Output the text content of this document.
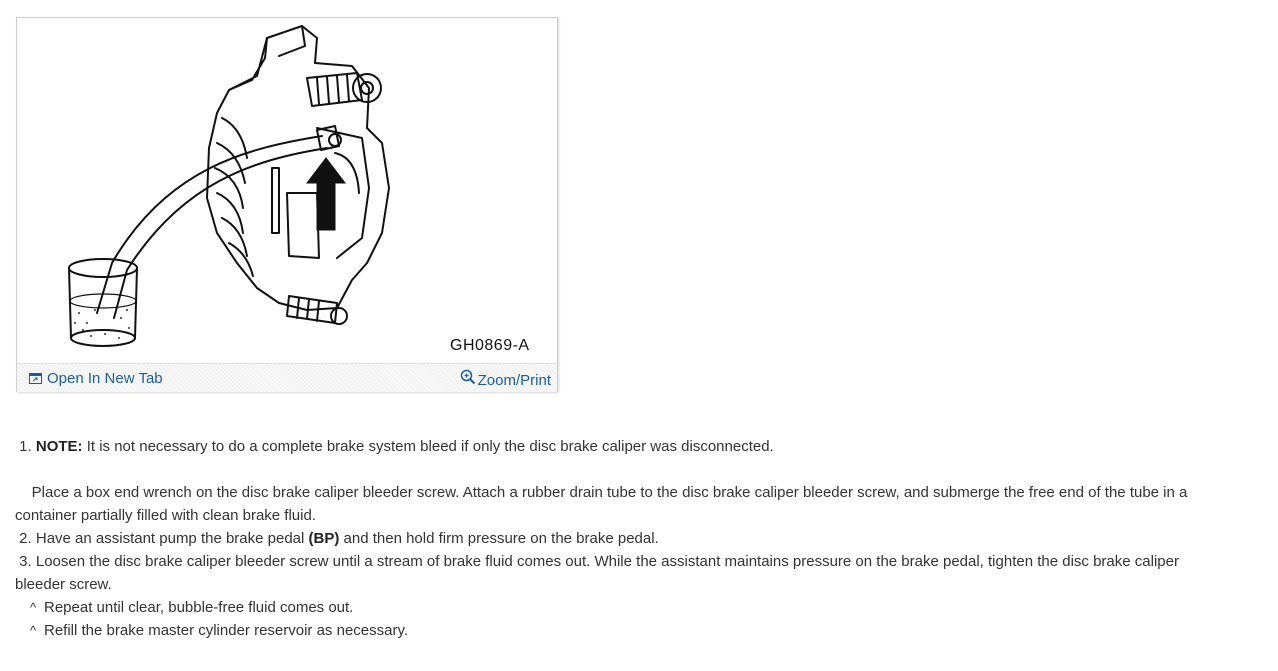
GH0869-A
Open In New Tab	Zoom/Print

1. NOTE: It is not necessary to do a complete brake system bleed if only the disc brake caliper was disconnected.

Place a box end wrench on the disc brake caliper bleeder screw. Attach a rubber drain tube to the disc brake caliper bleeder screw, and submerge the free end of the tube in a container partially filled with clean brake fluid.

2. Have an assistant pump the brake pedal (BP) and then hold firm pressure on the brake pedal.

3. Loosen the disc brake caliper bleeder screw until a stream of brake fluid comes out. While the assistant maintains pressure on the brake pedal, tighten the disc brake caliper bleeder screw.

^ Repeat until clear, bubble-free fluid comes out.

^ Refill the brake master cylinder reservoir as necessary.
